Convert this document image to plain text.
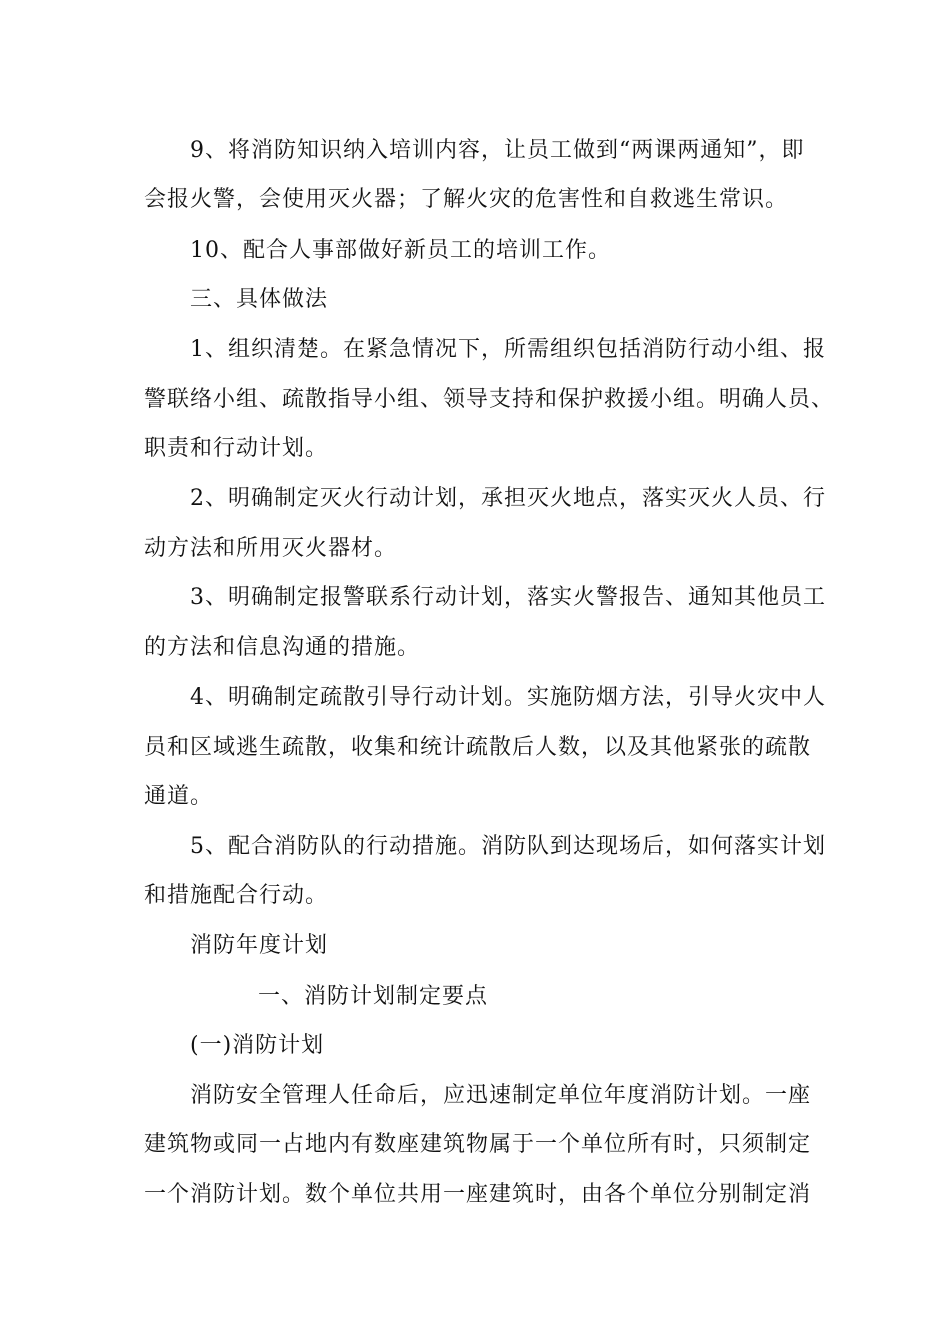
9、将消防知识纳入培训内容，让员工做到“两课两通知”，即
会报火警，会使用灭火器；了解火灾的危害性和自救逃生常识。
10、配合人事部做好新员工的培训工作。
三、具体做法
1、组织清楚。在紧急情况下，所需组织包括消防行动小组、报
警联络小组、疏散指导小组、领导支持和保护救援小组。明确人员、
职责和行动计划。
2、明确制定灭火行动计划，承担灭火地点，落实灭火人员、行
动方法和所用灭火器材。
3、明确制定报警联系行动计划，落实火警报告、通知其他员工
的方法和信息沟通的措施。
4、明确制定疏散引导行动计划。实施防烟方法，引导火灾中人
员和区域逃生疏散，收集和统计疏散后人数，以及其他紧张的疏散
通道。
5、配合消防队的行动措施。消防队到达现场后，如何落实计划
和措施配合行动。
消防年度计划
一、消防计划制定要点
(一)消防计划
消防安全管理人任命后，应迅速制定单位年度消防计划。一座
建筑物或同一占地内有数座建筑物属于一个单位所有时，只须制定
一个消防计划。数个单位共用一座建筑时，由各个单位分别制定消
